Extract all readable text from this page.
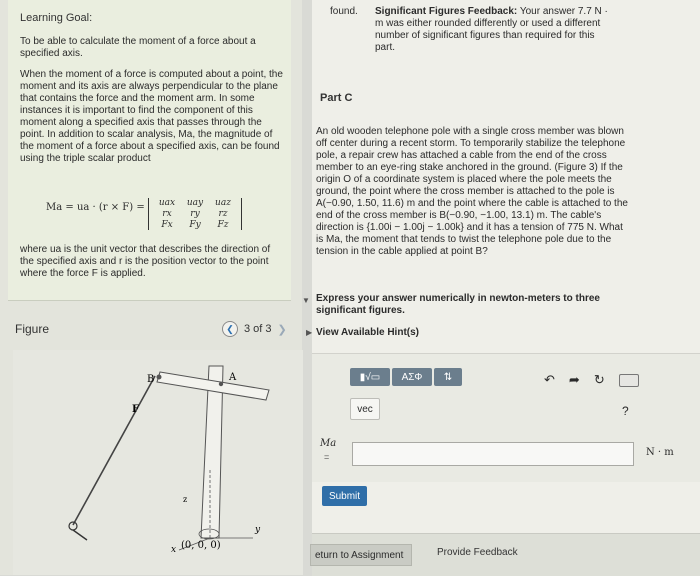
Learning Goal:
To be able to calculate the moment of a force about a specified axis.
When the moment of a force is computed about a point, the moment and its axis are always perpendicular to the plane that contains the force and the moment arm. In some instances it is important to find the component of this moment along a specified axis that passes through the point. In addition to scalar analysis, Ma, the magnitude of the moment of a force about a specified axis, can be found using the triple scalar product
Ma = ua · (r × F) =	uax	uay	uaz
rx	ry	rz
Fx	Fy	Fz
where ua is the unit vector that describes the direction of the specified axis and r is the position vector to the point where the force F is applied.
Figure	❮ 3 of 3 ❯
B	A
F
z
y
x (0, 0, 0)
found. Significant Figures Feedback: Your answer 7.7 N · m was either rounded differently or used a different number of significant figures than required for this part.
Part C
An old wooden telephone pole with a single cross member was blown off center during a recent storm. To temporarily stabilize the telephone pole, a repair crew has attached a cable from the end of the cross member to an eye-ring stake anchored in the ground. (Figure 3) If the origin O of a coordinate system is placed where the pole meets the ground, the point where the cross member is attached to the pole is A(−0.90, 1.50, 11.6) m and the point where the cable is attached to the end of the cross member is B(−0.90, −1.00, 13.1) m. The cable's direction is {1.00i − 1.00j − 1.00k} and it has a tension of 775 N. What is Ma, the moment that tends to twist the telephone pole due to the tension in the cable applied at point B?
▼ Express your answer numerically in newton-meters to three significant figures.
▶ View Available Hint(s)
▮√▭	ΑΣΦ	⇅
vec
↶ ➦ ↻
?
Ma
=	N · m
Submit
eturn to Assignment	Provide Feedback
